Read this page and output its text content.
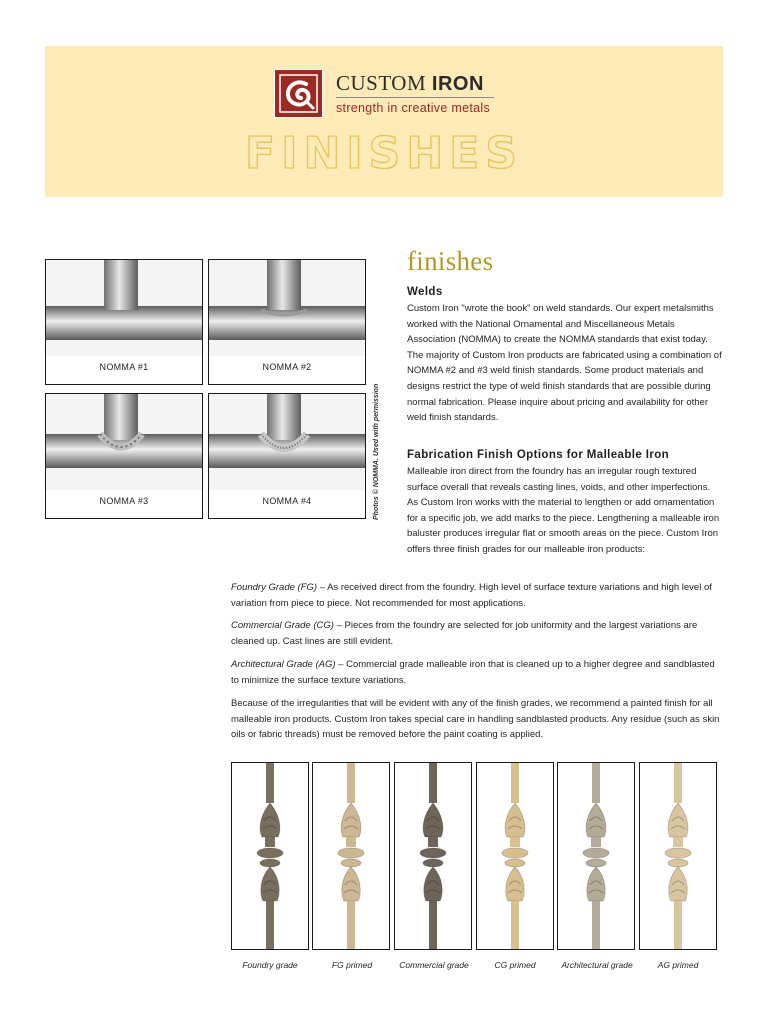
CUSTOM IRON
strength in creative metals
FINISHES
NOMMA #1	NOMMA #2
NOMMA #3	NOMMA #4	Photos © NOMMA. Used with permission
finishes
Welds
Custom Iron "wrote the book" on weld standards. Our expert metalsmiths worked with the National Ornamental and Miscellaneous Metals Association (NOMMA) to create the NOMMA standards that exist today. The majority of Custom Iron products are fabricated using a combination of NOMMA #2 and #3 weld finish standards. Some product materials and designs restrict the type of weld finish standards that are possible during normal fabrication. Please inquire about pricing and availability for other weld finish standards.
Fabrication Finish Options for Malleable Iron
Malleable iron direct from the foundry has an irregular rough textured surface overall that reveals casting lines, voids, and other imperfections. As Custom Iron works with the material to lengthen or add ornamentation for a specific job, we add marks to the piece. Lengthening a malleable iron baluster produces irregular flat or smooth areas on the piece. Custom Iron offers three finish grades for our malleable iron products:
Foundry Grade (FG) – As received direct from the foundry. High level of surface texture variations and high level of variation from piece to piece. Not recommended for most applications.
Commercial Grade (CG) – Pieces from the foundry are selected for job uniformity and the largest variations are cleaned up. Cast lines are still evident.
Architectural Grade (AG) – Commercial grade malleable iron that is cleaned up to a higher degree and sandblasted to minimize the surface texture variations.
Because of the irregularities that will be evident with any of the finish grades, we recommend a painted finish for all malleable iron products. Custom Iron takes special care in handling sandblasted products. Any residue (such as skin oils or fabric threads) must be removed before the paint coating is applied.
Foundry grade	FG primed	Commercial grade	CG primed	Architectural grade	AG primed
